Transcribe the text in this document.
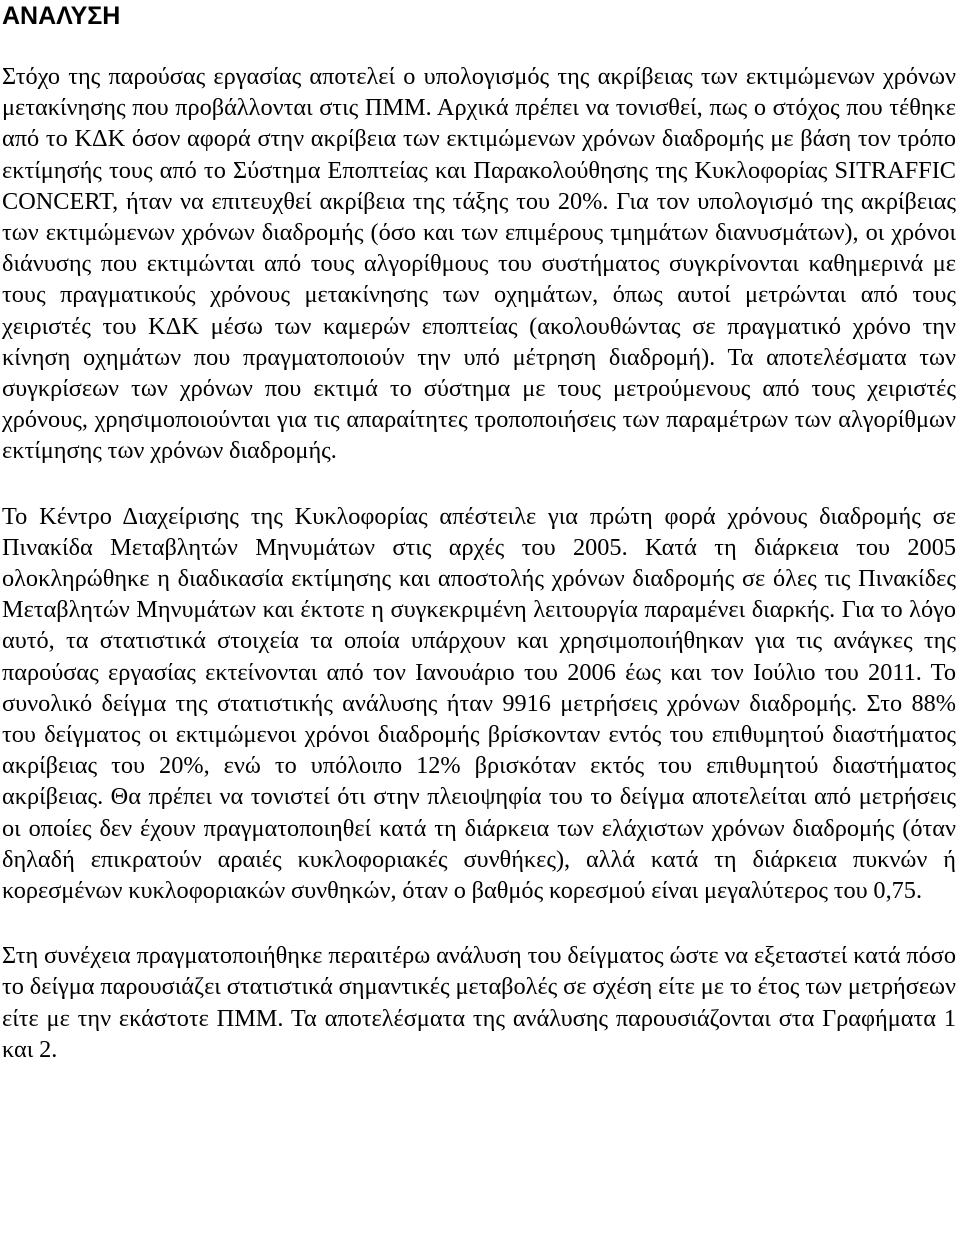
ΑΝΑΛΥΣΗ

Στόχο της παρούσας εργασίας αποτελεί ο υπολογισμός της ακρίβειας των εκτιμώμενων χρόνων μετακίνησης που προβάλλονται στις ΠΜΜ. Αρχικά πρέπει να τονισθεί, πως ο στόχος που τέθηκε από το ΚΔΚ όσον αφορά στην ακρίβεια των εκτιμώμενων χρόνων διαδρομής με βάση τον τρόπο εκτίμησής τους από το Σύστημα Εποπτείας και Παρακολούθησης της Κυκλοφορίας SITRAFFIC CONCERT, ήταν να επιτευχθεί ακρίβεια της τάξης του 20%. Για τον υπολογισμό της ακρίβειας των εκτιμώμενων χρόνων διαδρομής (όσο και των επιμέρους τμημάτων διανυσμάτων), οι χρόνοι διάνυσης που εκτιμώνται από τους αλγορίθμους του συστήματος συγκρίνονται καθημερινά με τους πραγματικούς χρόνους μετακίνησης των οχημάτων, όπως αυτοί μετρώνται από τους χειριστές του ΚΔΚ μέσω των καμερών εποπτείας (ακολουθώντας σε πραγματικό χρόνο την κίνηση οχημάτων που πραγματοποιούν την υπό μέτρηση διαδρομή). Τα αποτελέσματα των συγκρίσεων των χρόνων που εκτιμά το σύστημα με τους μετρούμενους από τους χειριστές χρόνους, χρησιμοποιούνται για τις απαραίτητες τροποποιήσεις των παραμέτρων των αλγορίθμων εκτίμησης των χρόνων διαδρομής.

Το Κέντρο Διαχείρισης της Κυκλοφορίας απέστειλε για πρώτη φορά χρόνους διαδρομής σε Πινακίδα Μεταβλητών Μηνυμάτων στις αρχές του 2005. Κατά τη διάρκεια του 2005 ολοκληρώθηκε η διαδικασία εκτίμησης και αποστολής χρόνων διαδρομής σε όλες τις Πινακίδες Μεταβλητών Μηνυμάτων και έκτοτε η συγκεκριμένη λειτουργία παραμένει διαρκής. Για το λόγο αυτό, τα στατιστικά στοιχεία τα οποία υπάρχουν και χρησιμοποιήθηκαν για τις ανάγκες της παρούσας εργασίας εκτείνονται από τον Ιανουάριο του 2006 έως και τον Ιούλιο του 2011. Το συνολικό δείγμα της στατιστικής ανάλυσης ήταν 9916 μετρήσεις χρόνων διαδρομής. Στο 88% του δείγματος οι εκτιμώμενοι χρόνοι διαδρομής βρίσκονταν εντός του επιθυμητού διαστήματος ακρίβειας του 20%, ενώ το υπόλοιπο 12% βρισκόταν εκτός του επιθυμητού διαστήματος ακρίβειας. Θα πρέπει να τονιστεί ότι στην πλειοψηφία του το δείγμα αποτελείται από μετρήσεις οι οποίες δεν έχουν πραγματοποιηθεί κατά τη διάρκεια των ελάχιστων χρόνων διαδρομής (όταν δηλαδή επικρατούν αραιές κυκλοφοριακές συνθήκες), αλλά κατά τη διάρκεια πυκνών ή κορεσμένων κυκλοφοριακών συνθηκών, όταν ο βαθμός κορεσμού είναι μεγαλύτερος του 0,75.

Στη συνέχεια πραγματοποιήθηκε περαιτέρω ανάλυση του δείγματος ώστε να εξεταστεί κατά πόσο το δείγμα παρουσιάζει στατιστικά σημαντικές μεταβολές σε σχέση είτε με το έτος των μετρήσεων είτε με την εκάστοτε ΠΜΜ. Τα αποτελέσματα της ανάλυσης παρουσιάζονται στα Γραφήματα 1 και 2.
